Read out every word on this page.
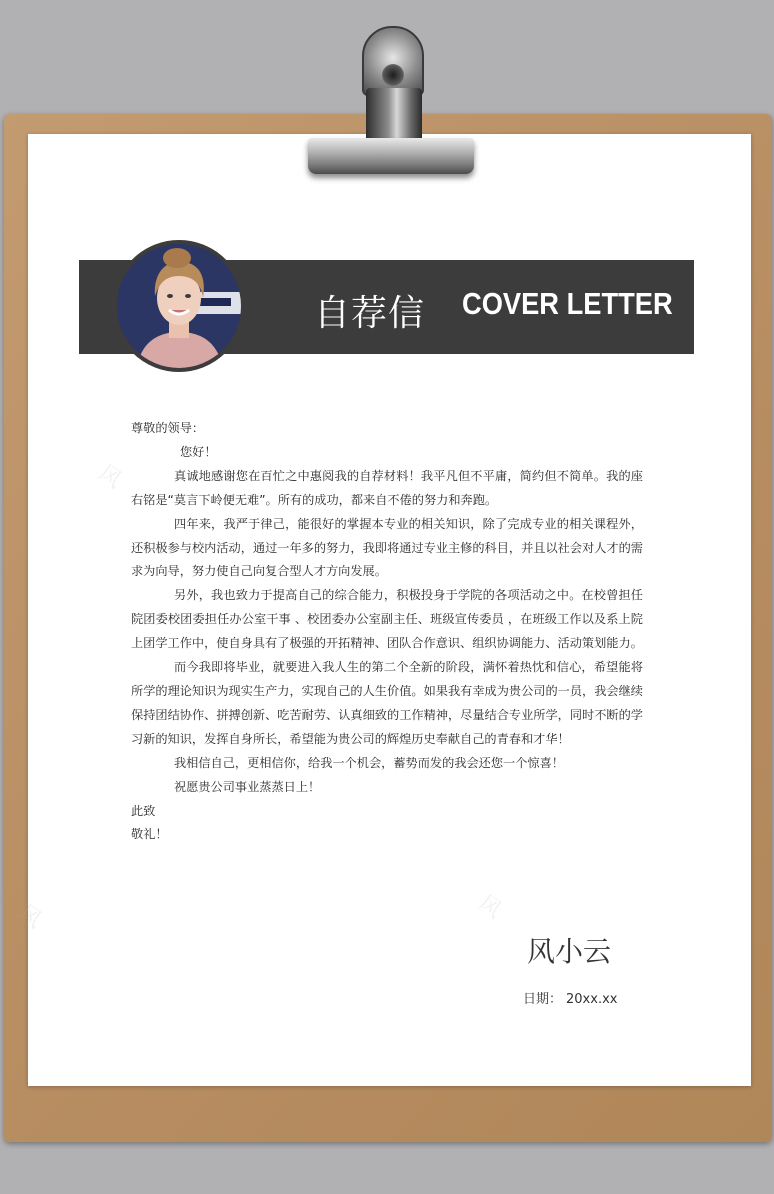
风
风	风
自荐信 COVER LETTER

尊敬的领导：

您好！

真诚地感谢您在百忙之中惠阅我的自荐材料！我平凡但不平庸，简约但不简单。我的座右铭是“莫言下岭便无难”。所有的成功，都来自不倦的努力和奔跑。

四年来，我严于律己，能很好的掌握本专业的相关知识，除了完成专业的相关课程外，还积极参与校内活动，通过一年多的努力，我即将通过专业主修的科目，并且以社会对人才的需求为向导，努力使自己向复合型人才方向发展。

另外，我也致力于提高自己的综合能力，积极投身于学院的各项活动之中。在校曾担任院团委校团委担任办公室干事 、校团委办公室副主任、班级宣传委员 ，在班级工作以及系上院上团学工作中，使自身具有了极强的开拓精神、团队合作意识、组织协调能力、活动策划能力。

而今我即将毕业，就要进入我人生的第二个全新的阶段，满怀着热忱和信心，希望能将所学的理论知识为现实生产力，实现自己的人生价值。如果我有幸成为贵公司的一员，我会继续保持团结协作、拼搏创新、吃苦耐劳、认真细致的工作精神，尽量结合专业所学，同时不断的学习新的知识，发挥自身所长，希望能为贵公司的辉煌历史奉献自己的青春和才华！

我相信自己，更相信你，给我一个机会，蓄势而发的我会还您一个惊喜！

祝愿贵公司事业蒸蒸日上！

此致

敬礼！

风小云
日期： 20xx.xx
